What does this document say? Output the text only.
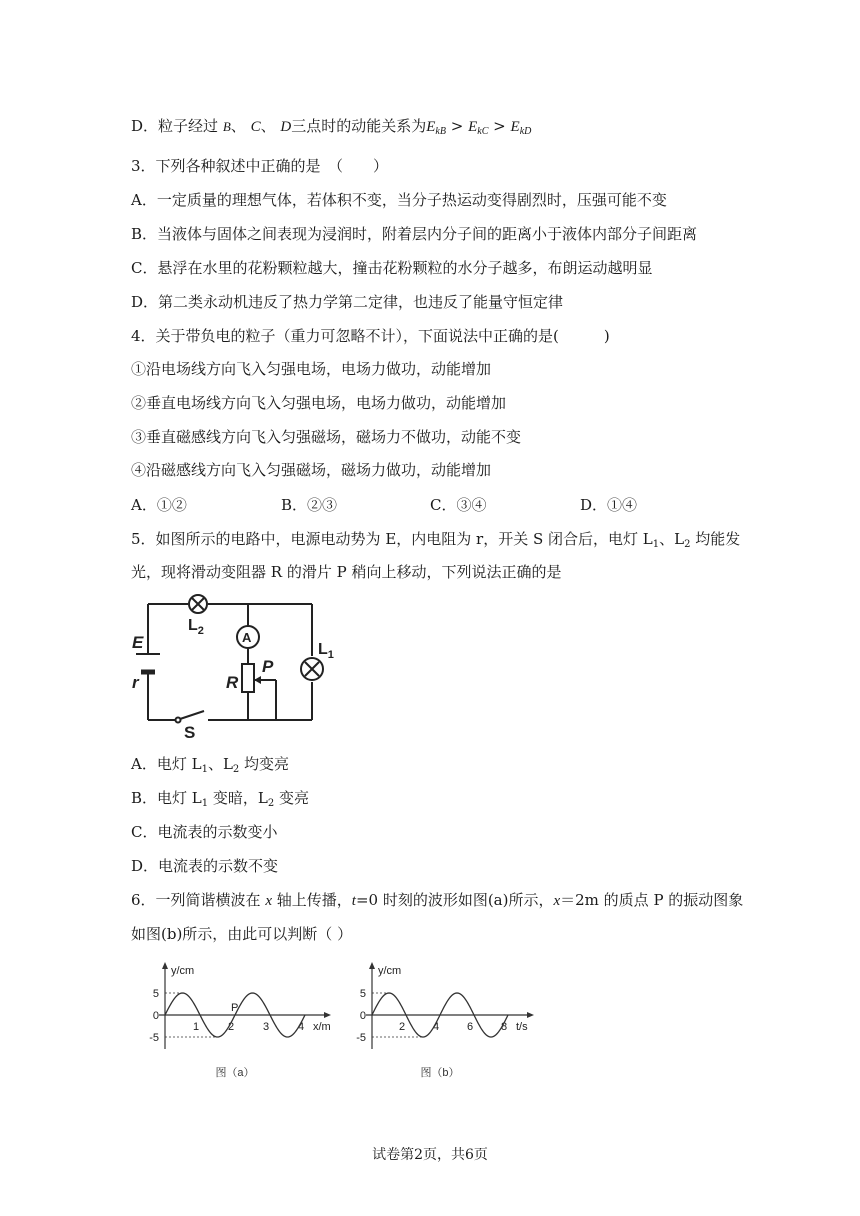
D．粒子经过 B、 C、 D三点时的动能关系为$E_{kB} > E_{kC} > E_{kD}$
3．下列各种叙述中正确的是　（　　）
A．一定质量的理想气体，若体积不变，当分子热运动变得剧烈时，压强可能不变
B．当液体与固体之间表现为浸润时，附着层内分子间的距离小于液体内部分子间距离
C．悬浮在水里的花粉颗粒越大，撞击花粉颗粒的水分子越多，布朗运动越明显
D．第二类永动机违反了热力学第二定律，也违反了能量守恒定律
4．关于带负电的粒子（重力可忽略不计），下面说法中正确的是(　　　)
①沿电场线方向飞入匀强电场，电场力做功，动能增加
②垂直电场线方向飞入匀强电场，电场力做功，动能增加
③垂直磁感线方向飞入匀强磁场，磁场力不做功，动能不变
④沿磁感线方向飞入匀强磁场，磁场力做功，动能增加
A．①②	B．②③	C．③④	D．①④
5．如图所示的电路中，电源电动势为 E，内电阻为 r，开关 S 闭合后，电灯 $L_1$、$L_2$ 均能发
光，现将滑动变阻器 R 的滑片 P 稍向上移动，下列说法正确的是
E
r
$L_2$	A
R
P
$L_1$
S
A．电灯 $L_1$、$L_2$ 均变亮
B．电灯 $L_1$ 变暗，$L_2$ 变亮
C．电流表的示数变小
D．电流表的示数不变
6．一列简谐横波在 x 轴上传播，t=0 时刻的波形如图(a)所示，x＝2m 的质点 P 的振动图象
如图(b)所示，由此可以判断（ ）
5
0
-5
1	2	3	4
y/cm
x/m
P
图（a）
5
0
-5
2	4	6	8
y/cm
t/s
图（b）
试卷第2页，共6页
